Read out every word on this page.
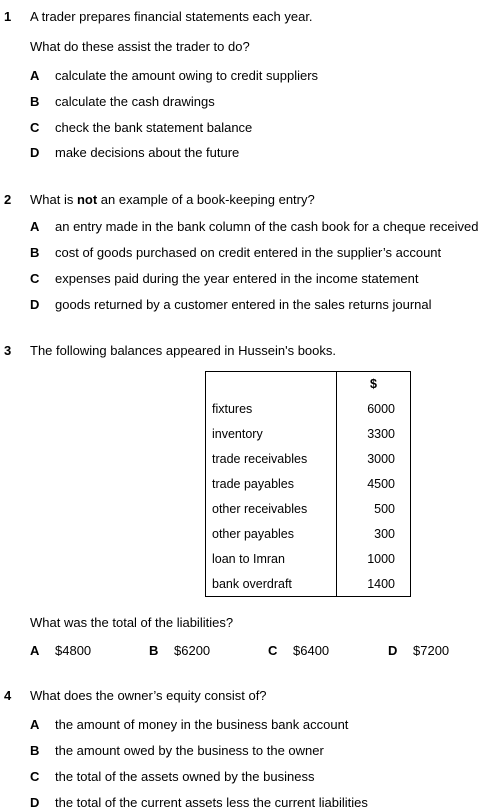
1 A trader prepares financial statements each year.
What do these assist the trader to do?
A calculate the amount owing to credit suppliers
B calculate the cash drawings
C check the bank statement balance
D make decisions about the future
2 What is not an example of a book-keeping entry?
A an entry made in the bank column of the cash book for a cheque received
B cost of goods purchased on credit entered in the supplier’s account
C expenses paid during the year entered in the income statement
D goods returned by a customer entered in the sales returns journal
3 The following balances appeared in Hussein's books.
	$
fixtures	6000
inventory	3300
trade receivables	3000
trade payables	4500
other receivables	500
other payables	300
loan to Imran	1000
bank overdraft	1400
What was the total of the liabilities?
A $4800	B $6200	C $6400	D $7200
4 What does the owner’s equity consist of?
A the amount of money in the business bank account
B the amount owed by the business to the owner
C the total of the assets owned by the business
D the total of the current assets less the current liabilities
